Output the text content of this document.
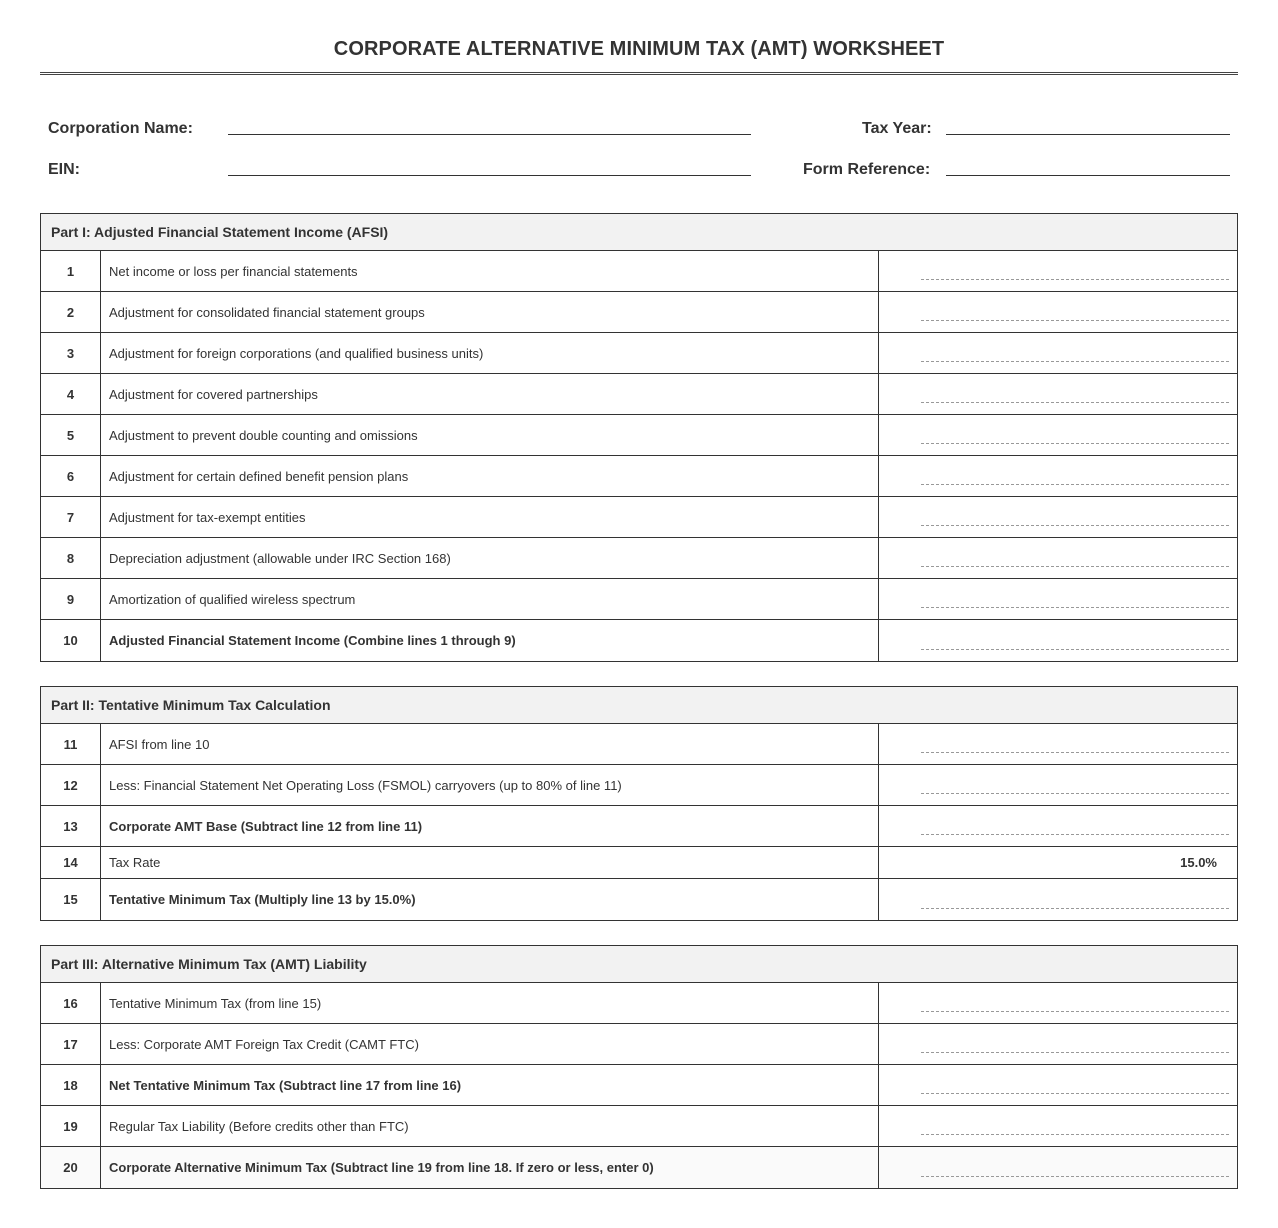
CORPORATE ALTERNATIVE MINIMUM TAX (AMT) WORKSHEET
Corporation Name:	Tax Year:
EIN:	Form Reference:
Part I: Adjusted Financial Statement Income (AFSI)
1	Net income or loss per financial statements
2	Adjustment for consolidated financial statement groups
3	Adjustment for foreign corporations (and qualified business units)
4	Adjustment for covered partnerships
5	Adjustment to prevent double counting and omissions
6	Adjustment for certain defined benefit pension plans
7	Adjustment for tax-exempt entities
8	Depreciation adjustment (allowable under IRC Section 168)
9	Amortization of qualified wireless spectrum
10	Adjusted Financial Statement Income (Combine lines 1 through 9)
Part II: Tentative Minimum Tax Calculation
11	AFSI from line 10
12	Less: Financial Statement Net Operating Loss (FSMOL) carryovers (up to 80% of line 11)
13	Corporate AMT Base (Subtract line 12 from line 11)
14	Tax Rate	15.0%
15	Tentative Minimum Tax (Multiply line 13 by 15.0%)
Part III: Alternative Minimum Tax (AMT) Liability
16	Tentative Minimum Tax (from line 15)
17	Less: Corporate AMT Foreign Tax Credit (CAMT FTC)
18	Net Tentative Minimum Tax (Subtract line 17 from line 16)
19	Regular Tax Liability (Before credits other than FTC)
20	Corporate Alternative Minimum Tax (Subtract line 19 from line 18. If zero or less, enter 0)
